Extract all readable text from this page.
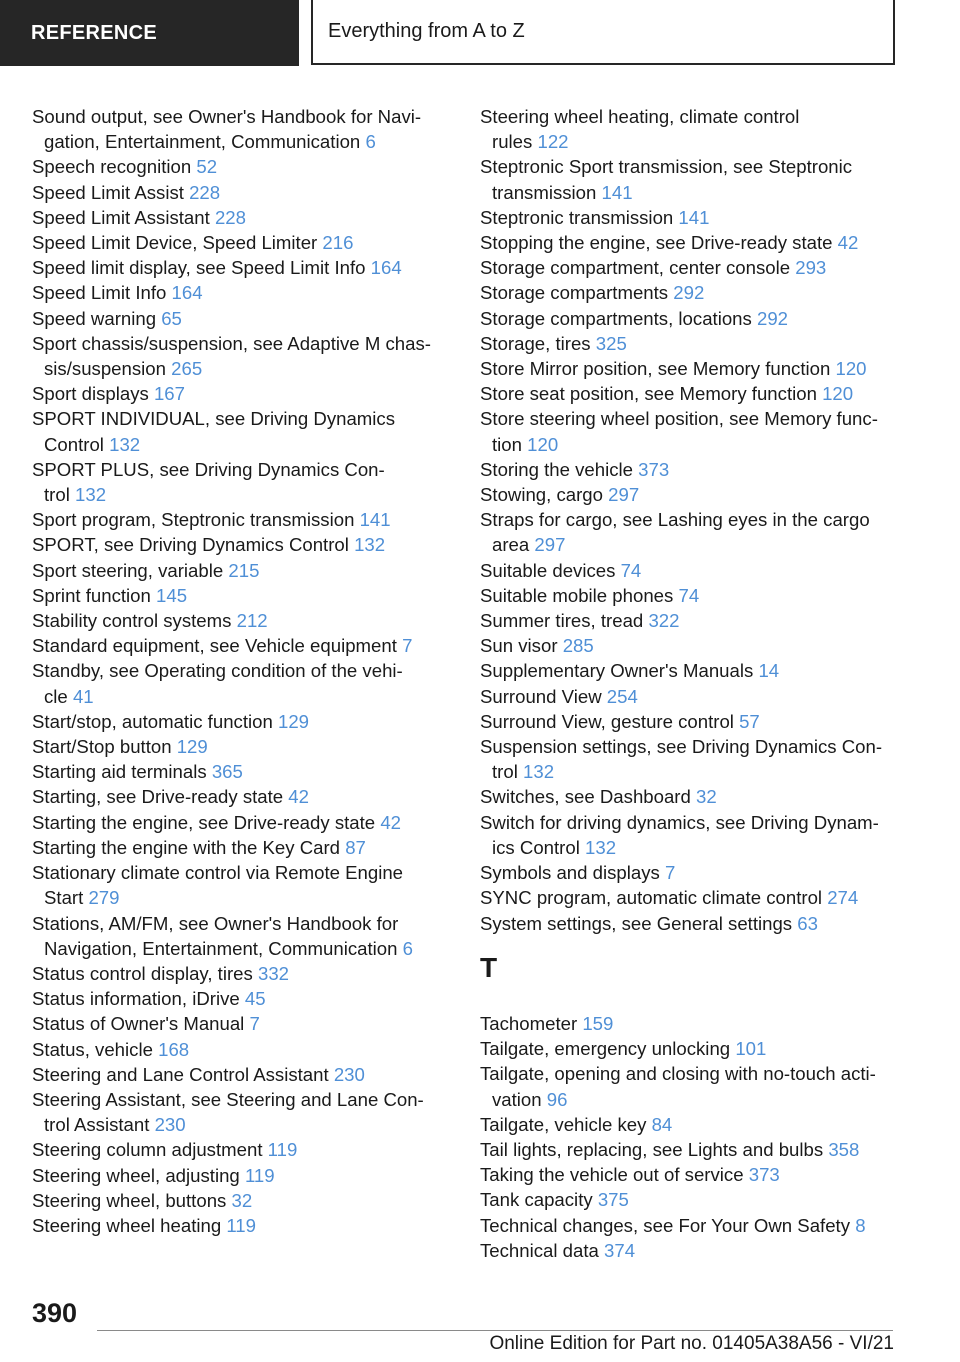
REFERENCE	Everything from A to Z
Sound output, see Owner's Handbook for Navi-
gation, Entertainment, Communication 6
Speech recognition 52
Speed Limit Assist 228
Speed Limit Assistant 228
Speed Limit Device, Speed Limiter 216
Speed limit display, see Speed Limit Info 164
Speed Limit Info 164
Speed warning 65
Sport chassis/suspension, see Adaptive M chas-
sis/suspension 265
Sport displays 167
SPORT INDIVIDUAL, see Driving Dynamics
Control 132
SPORT PLUS, see Driving Dynamics Con-
trol 132
Sport program, Steptronic transmission 141
SPORT, see Driving Dynamics Control 132
Sport steering, variable 215
Sprint function 145
Stability control systems 212
Standard equipment, see Vehicle equipment 7
Standby, see Operating condition of the vehi-
cle 41
Start/stop, automatic function 129
Start/Stop button 129
Starting aid terminals 365
Starting, see Drive-ready state 42
Starting the engine, see Drive-ready state 42
Starting the engine with the Key Card 87
Stationary climate control via Remote Engine
Start 279
Stations, AM/FM, see Owner's Handbook for
Navigation, Entertainment, Communication 6
Status control display, tires 332
Status information, iDrive 45
Status of Owner's Manual 7
Status, vehicle 168
Steering and Lane Control Assistant 230
Steering Assistant, see Steering and Lane Con-
trol Assistant 230
Steering column adjustment 119
Steering wheel, adjusting 119
Steering wheel, buttons 32
Steering wheel heating 119
Steering wheel heating, climate control
rules 122
Steptronic Sport transmission, see Steptronic
transmission 141
Steptronic transmission 141
Stopping the engine, see Drive-ready state 42
Storage compartment, center console 293
Storage compartments 292
Storage compartments, locations 292
Storage, tires 325
Store Mirror position, see Memory function 120
Store seat position, see Memory function 120
Store steering wheel position, see Memory func-
tion 120
Storing the vehicle 373
Stowing, cargo 297
Straps for cargo, see Lashing eyes in the cargo
area 297
Suitable devices 74
Suitable mobile phones 74
Summer tires, tread 322
Sun visor 285
Supplementary Owner's Manuals 14
Surround View 254
Surround View, gesture control 57
Suspension settings, see Driving Dynamics Con-
trol 132
Switches, see Dashboard 32
Switch for driving dynamics, see Driving Dynam-
ics Control 132
Symbols and displays 7
SYNC program, automatic climate control 274
System settings, see General settings 63
T
Tachometer 159
Tailgate, emergency unlocking 101
Tailgate, opening and closing with no-touch acti-
vation 96
Tailgate, vehicle key 84
Tail lights, replacing, see Lights and bulbs 358
Taking the vehicle out of service 373
Tank capacity 375
Technical changes, see For Your Own Safety 8
Technical data 374
390
Online Edition for Part no. 01405A38A56 - VI/21
